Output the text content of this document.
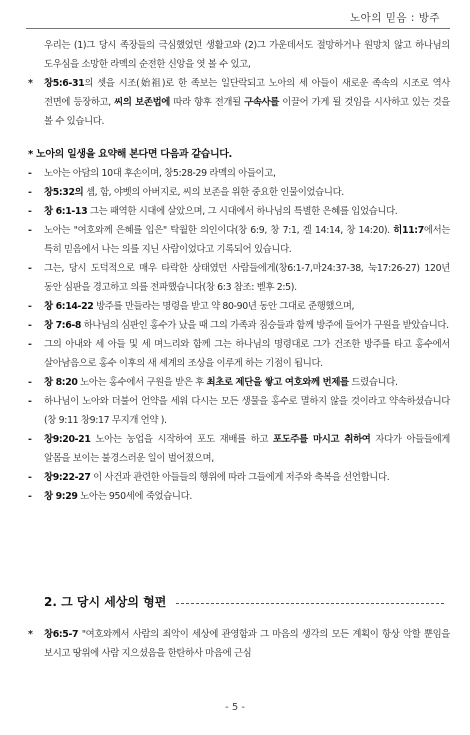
노아의 믿음 : 방주

우리는 (1)그 당시 족장들의 극심했었던 생활고와 (2)그 가운데서도 절망하거나 원망치 않고 하나님의 도우심을 소망한 라멕의 순전한 신앙을 엿 볼 수 있고,

* 창5:6-31의 셋을 시조(始祖)로 한 족보는 일단락되고 노아의 세 아들이 새로운 족속의 시조로 역사 전면에 등장하고, 씨의 보존법에 따라 향후 전개될 구속사를 이끌어 가게 될 것임을 시사하고 있는 것을 볼 수 있습니다.

* 노아의 일생을 요약해 본다면 다음과 같습니다.

- 노아는 아담의 10대 후손이며, 창5:28-29 라멕의 아들이고,

- 창5:32의 셈, 함, 야벳의 아버지로, 씨의 보존을 위한 중요한 인물이었습니다.

- 창 6:1-13 그는 패역한 시대에 살았으며, 그 시대에서 하나님의 특별한 은혜를 입었습니다.

- 노아는 "여호와께 은혜를 입은" 탁월한 의인이다(창 6:9, 창 7:1, 겔 14:14, 창 14:20). 히11:7에서는 특히 믿음에서 나는 의를 지닌 사람이었다고 기록되어 있습니다.

- 그는, 당시 도덕적으로 매우 타락한 상태였던 사람들에게(창6:1-7,마24:37-38, 눅17:26-27) 120년 동안 심판을 경고하고 의를 전파했습니다(창 6:3 참조: 벧후 2:5).

- 창 6:14-22 방주를 만들라는 명령을 받고 약 80-90년 동안 그대로 준행했으며,

- 창 7:6-8 하나님의 심판인 홍수가 났을 때 그의 가족과 짐승들과 함께 방주에 들어가 구원을 받았습니다.

- 그의 아내와 세 아들 및 세 며느리와 함께 그는 하나님의 명령대로 그가 건조한 방주를 타고 홍수에서 살아남음으로 홍수 이후의 새 세계의 조상을 이루게 하는 기점이 됩니다.

- 창 8:20 노아는 홍수에서 구원을 받은 후 최초로 제단을 쌓고 여호와께 번제를 드렸습니다.

- 하나님이 노아와 더불어 언약을 세워 다시는 모든 생물을 홍수로 멸하지 않을 것이라고 약속하셨습니다(창 9:11 창9:17 무지개 언약 ).

- 창9:20-21 노아는 농업을 시작하여 포도 재배를 하고 포도주를 마시고 취하여 자다가 아들들에게 알몸을 보이는 불경스러운 일이 벌어졌으며,

- 창9:22-27 이 사건과 관련한 아들들의 행위에 따라 그들에게 저주와 축복을 선언합니다.

- 창 9:29 노아는 950세에 죽었습니다.

2. 그 당시 세상의 형편

* 창6:5-7 "여호와께서 사람의 죄악이 세상에 관영함과 그 마음의 생각의 모든 계획이 항상 악할 뿐임을 보시고 땅위에 사람 지으셨음을 한탄하사 마음에 근심

- 5 -
